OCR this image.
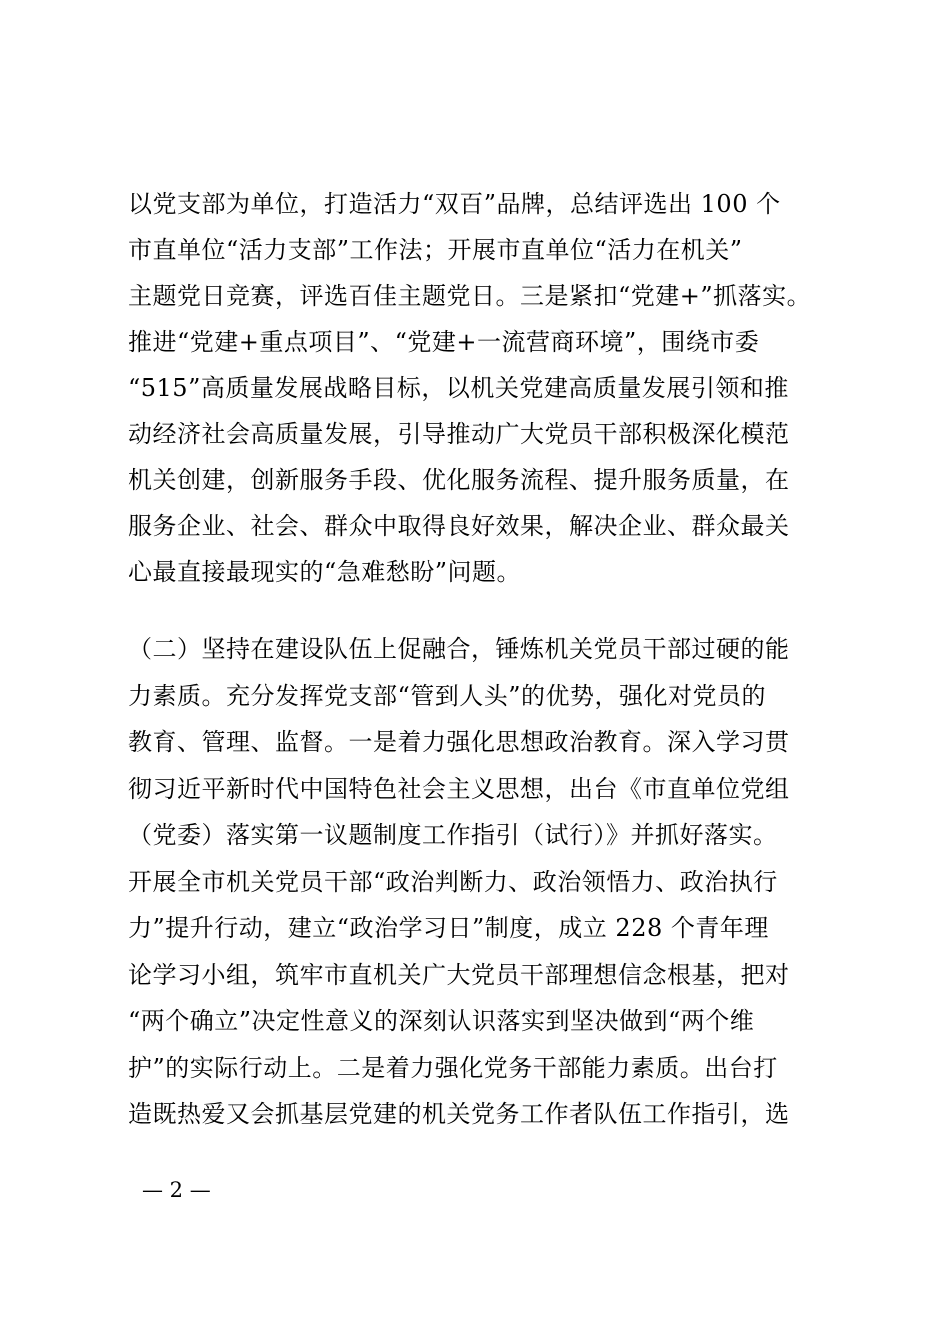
以党支部为单位，打造活力“双百”品牌，总结评选出 100 个
市直单位“活力支部”工作法；开展市直单位“活力在机关”
主题党日竞赛，评选百佳主题党日。三是紧扣“党建+”抓落实。
推进“党建+重点项目”、“党建+一流营商环境”，围绕市委
“515”高质量发展战略目标，以机关党建高质量发展引领和推
动经济社会高质量发展，引导推动广大党员干部积极深化模范
机关创建，创新服务手段、优化服务流程、提升服务质量，在
服务企业、社会、群众中取得良好效果，解决企业、群众最关
心最直接最现实的“急难愁盼”问题。
（二）坚持在建设队伍上促融合，锤炼机关党员干部过硬的能
力素质。充分发挥党支部“管到人头”的优势，强化对党员的
教育、管理、监督。一是着力强化思想政治教育。深入学习贯
彻习近平新时代中国特色社会主义思想，出台《市直单位党组
（党委）落实第一议题制度工作指引（试行）》并抓好落实。
开展全市机关党员干部“政治判断力、政治领悟力、政治执行
力”提升行动，建立“政治学习日”制度，成立 228 个青年理
论学习小组，筑牢市直机关广大党员干部理想信念根基，把对
“两个确立”决定性意义的深刻认识落实到坚决做到“两个维
护”的实际行动上。二是着力强化党务干部能力素质。出台打
造既热爱又会抓基层党建的机关党务工作者队伍工作指引，选
— 2 —
